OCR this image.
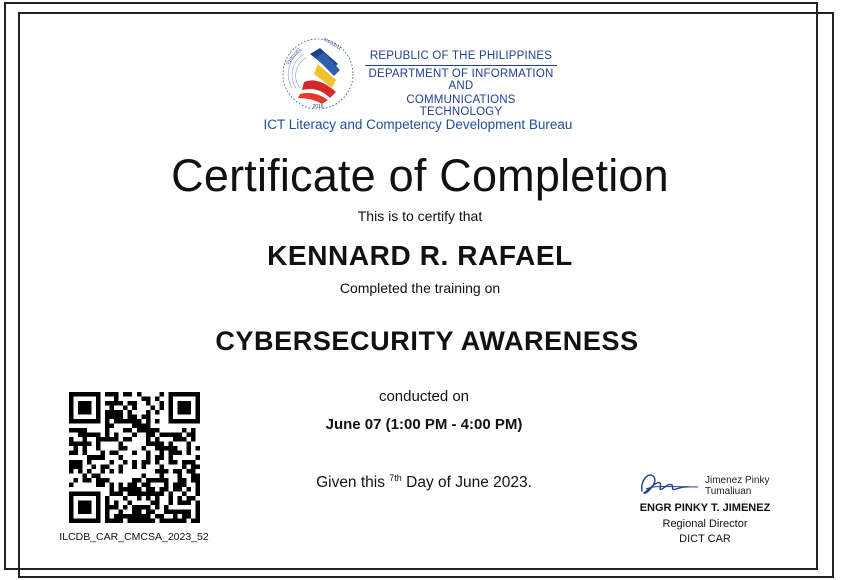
2016
01001001
01000011
REPUBLIC OF THE PHILIPPINES
DEPARTMENT OF INFORMATION AND
COMMUNICATIONS TECHNOLOGY
ICT Literacy and Competency Development Bureau
Certificate of Completion
This is to certify that
KENNARD R. RAFAEL
Completed the training on
CYBERSECURITY AWARENESS
conducted on
June 07 (1:00 PM - 4:00 PM)
Given this $^{7th}$ Day of June 2023.
ILCDB_CAR_CMCSA_2023_52
Jimenez Pinky
Tumaliuan
ENGR PINKY T. JIMENEZ
Regional Director
DICT CAR
